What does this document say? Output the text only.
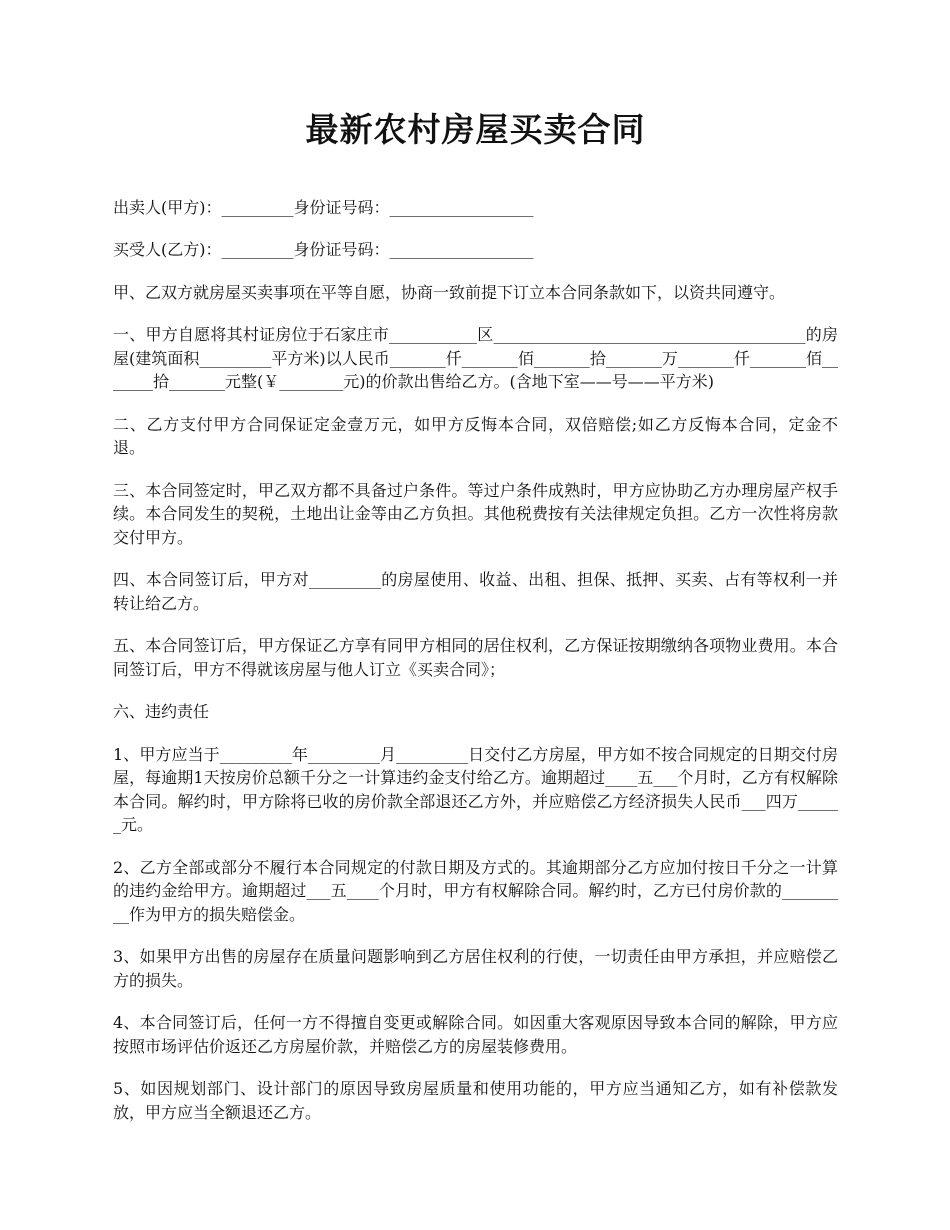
最新农村房屋买卖合同

出卖人(甲方)：_________身份证号码：__________________

买受人(乙方)：_________身份证号码：__________________

甲、乙双方就房屋买卖事项在平等自愿，协商一致前提下订立本合同条款如下，以资共同遵守。

一、甲方自愿将其村证房位于石家庄市___________区_______________________________________的房屋(建筑面积_________平方米)以人民币_______仟_______佰_______拾_______万_______仟_______佰_______拾_______元整(￥________元)的价款出售给乙方。(含地下室——号——平方米)

二、乙方支付甲方合同保证定金壹万元，如甲方反悔本合同，双倍赔偿;如乙方反悔本合同，定金不退。

三、本合同签定时，甲乙双方都不具备过户条件。等过户条件成熟时，甲方应协助乙方办理房屋产权手续。本合同发生的契税，土地出让金等由乙方负担。其他税费按有关法律规定负担。乙方一次性将房款交付甲方。

四、本合同签订后，甲方对_________的房屋使用、收益、出租、担保、抵押、买卖、占有等权利一并转让给乙方。

五、本合同签订后，甲方保证乙方享有同甲方相同的居住权利，乙方保证按期缴纳各项物业费用。本合同签订后，甲方不得就该房屋与他人订立《买卖合同》；

六、违约责任

1、甲方应当于_________年_________月_________日交付乙方房屋，甲方如不按合同规定的日期交付房屋，每逾期1天按房价总额千分之一计算违约金支付给乙方。逾期超过____五___个月时，乙方有权解除本合同。解约时，甲方除将已收的房价款全部退还乙方外，并应赔偿乙方经济损失人民币___四万______元。

2、乙方全部或部分不履行本合同规定的付款日期及方式的。其逾期部分乙方应加付按日千分之一计算的违约金给甲方。逾期超过___五____个月时，甲方有权解除合同。解约时，乙方已付房价款的_________作为甲方的损失赔偿金。

3、如果甲方出售的房屋存在质量问题影响到乙方居住权利的行使，一切责任由甲方承担，并应赔偿乙方的损失。

4、本合同签订后，任何一方不得擅自变更或解除合同。如因重大客观原因导致本合同的解除，甲方应按照市场评估价返还乙方房屋价款，并赔偿乙方的房屋装修费用。

5、如因规划部门、设计部门的原因导致房屋质量和使用功能的，甲方应当通知乙方，如有补偿款发放，甲方应当全额退还乙方。
